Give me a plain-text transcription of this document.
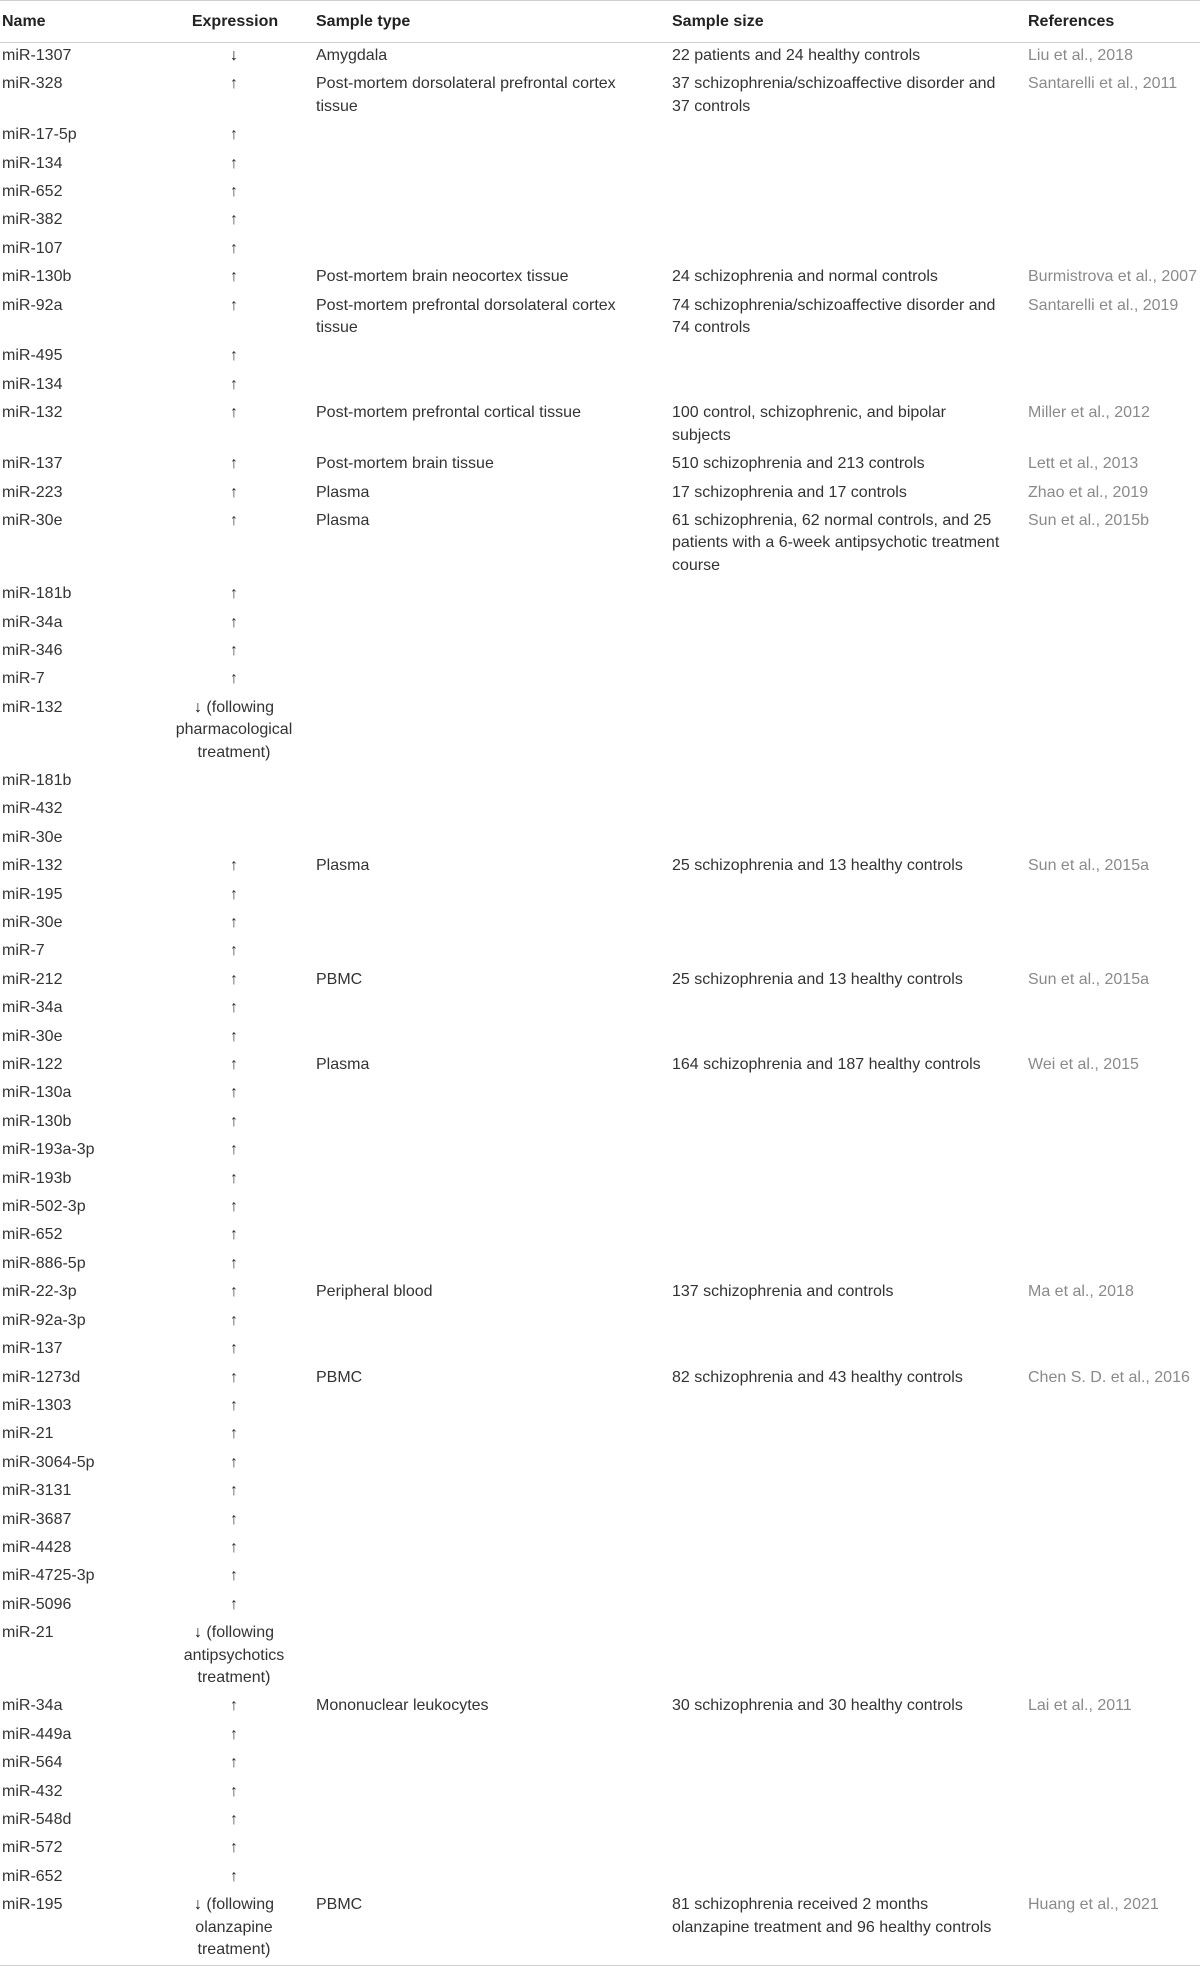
Name	Expression	Sample type	Sample size	References
miR-1307	↓	Amygdala	22 patients and 24 healthy controls	Liu et al., 2018
miR-328	↑	Post-mortem dorsolateral prefrontal cortex tissue	37 schizophrenia/schizoaffective disorder and 37 controls	Santarelli et al., 2011
miR-17-5p	↑			
miR-134	↑			
miR-652	↑			
miR-382	↑			
miR-107	↑			
miR-130b	↑	Post-mortem brain neocortex tissue	24 schizophrenia and normal controls	Burmistrova et al., 2007
miR-92a	↑	Post-mortem prefrontal dorsolateral cortex tissue	74 schizophrenia/schizoaffective disorder and 74 controls	Santarelli et al., 2019
miR-495	↑			
miR-134	↑			
miR-132	↑	Post-mortem prefrontal cortical tissue	100 control, schizophrenic, and bipolar subjects	Miller et al., 2012
miR-137	↑	Post-mortem brain tissue	510 schizophrenia and 213 controls	Lett et al., 2013
miR-223	↑	Plasma	17 schizophrenia and 17 controls	Zhao et al., 2019
miR-30e	↑	Plasma	61 schizophrenia, 62 normal controls, and 25 patients with a 6-week antipsychotic treatment course	Sun et al., 2015b
miR-181b	↑			
miR-34a	↑			
miR-346	↑			
miR-7	↑			
miR-132	↓ (following pharmacological treatment)			
miR-181b				
miR-432				
miR-30e				
miR-132	↑	Plasma	25 schizophrenia and 13 healthy controls	Sun et al., 2015a
miR-195	↑			
miR-30e	↑			
miR-7	↑			
miR-212	↑	PBMC	25 schizophrenia and 13 healthy controls	Sun et al., 2015a
miR-34a	↑			
miR-30e	↑			
miR-122	↑	Plasma	164 schizophrenia and 187 healthy controls	Wei et al., 2015
miR-130a	↑			
miR-130b	↑			
miR-193a-3p	↑			
miR-193b	↑			
miR-502-3p	↑			
miR-652	↑			
miR-886-5p	↑			
miR-22-3p	↑	Peripheral blood	137 schizophrenia and controls	Ma et al., 2018
miR-92a-3p	↑			
miR-137	↑			
miR-1273d	↑	PBMC	82 schizophrenia and 43 healthy controls	Chen S. D. et al., 2016
miR-1303	↑			
miR-21	↑			
miR-3064-5p	↑			
miR-3131	↑			
miR-3687	↑			
miR-4428	↑			
miR-4725-3p	↑			
miR-5096	↑			
miR-21	↓ (following antipsychotics treatment)			
miR-34a	↑	Mononuclear leukocytes	30 schizophrenia and 30 healthy controls	Lai et al., 2011
miR-449a	↑			
miR-564	↑			
miR-432	↑			
miR-548d	↑			
miR-572	↑			
miR-652	↑			
miR-195	↓ (following olanzapine treatment)	PBMC	81 schizophrenia received 2 months olanzapine treatment and 96 healthy controls	Huang et al., 2021
